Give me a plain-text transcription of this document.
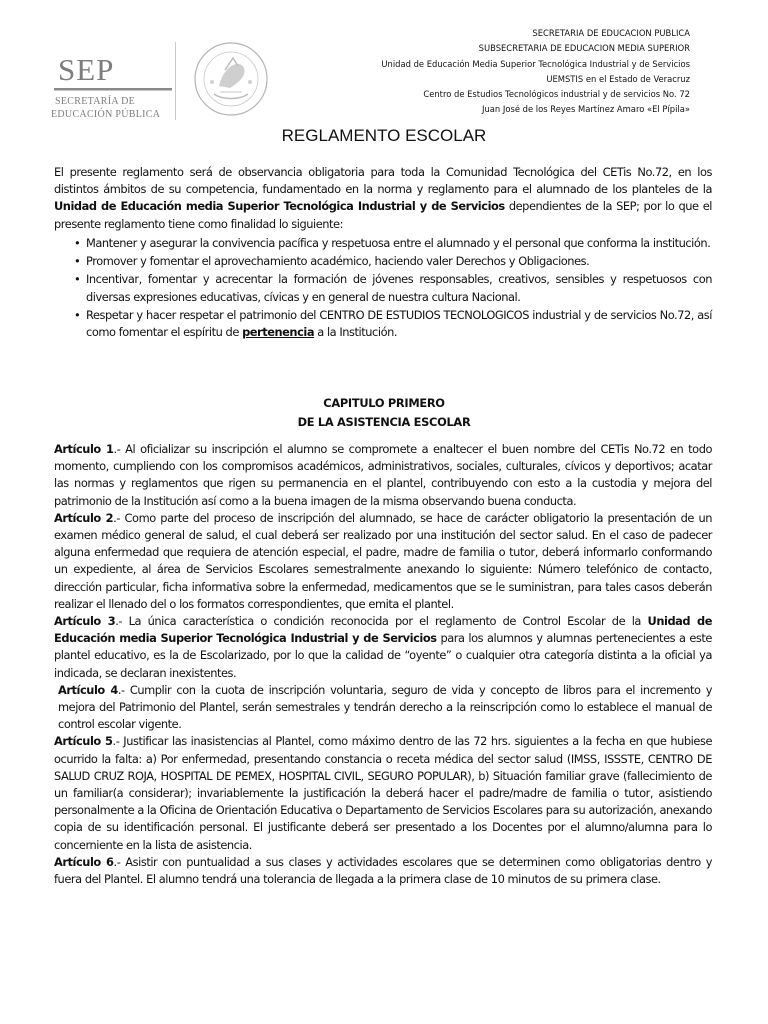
SEP
SECRETARÍA DE
EDUCACIÓN PÚBLICA
SECRETARIA DE EDUCACION PUBLICA
SUBSECRETARIA DE EDUCACION MEDIA SUPERIOR
Unidad de Educación Media Superior Tecnológica Industrial y de Servicios
UEMSTIS en el Estado de Veracruz
Centro de Estudios Tecnológicos industrial y de servicios No. 72
Juan José de los Reyes Martínez Amaro «El Pípila»
REGLAMENTO ESCOLAR
El presente reglamento será de observancia obligatoria para toda la Comunidad Tecnológica del CETis No.72, en los distintos ámbitos de su competencia, fundamentado en la norma y reglamento para el alumnado de los planteles de la Unidad de Educación media Superior Tecnológica Industrial y de Servicios dependientes de la SEP; por lo que el presente reglamento tiene como finalidad lo siguiente:
• Mantener y asegurar la convivencia pacífica y respetuosa entre el alumnado y el personal que conforma la institución.
• Promover y fomentar el aprovechamiento académico, haciendo valer Derechos y Obligaciones.
• Incentivar, fomentar y acrecentar la formación de jóvenes responsables, creativos, sensibles y respetuosos con diversas expresiones educativas, cívicas y en general de nuestra cultura Nacional.
• Respetar y hacer respetar el patrimonio del CENTRO DE ESTUDIOS TECNOLOGICOS industrial y de servicios No.72, así como fomentar el espíritu de pertenencia a la Institución.
CAPITULO PRIMERO
DE LA ASISTENCIA ESCOLAR

Artículo 1.- Al oficializar su inscripción el alumno se compromete a enaltecer el buen nombre del CETis No.72 en todo momento, cumpliendo con los compromisos académicos, administrativos, sociales, culturales, cívicos y deportivos; acatar las normas y reglamentos que rigen su permanencia en el plantel, contribuyendo con esto a la custodia y mejora del patrimonio de la Institución así como a la buena imagen de la misma observando buena conducta.

Artículo 2.- Como parte del proceso de inscripción del alumnado, se hace de carácter obligatorio la presentación de un examen médico general de salud, el cual deberá ser realizado por una institución del sector salud. En el caso de padecer alguna enfermedad que requiera de atención especial, el padre, madre de familia o tutor, deberá informarlo conformando un expediente, al área de Servicios Escolares semestralmente anexando lo siguiente: Número telefónico de contacto, dirección particular, ficha informativa sobre la enfermedad, medicamentos que se le suministran, para tales casos deberán realizar el llenado del o los formatos correspondientes, que emita el plantel.

Artículo 3.- La única característica o condición reconocida por el reglamento de Control Escolar de la Unidad de Educación media Superior Tecnológica Industrial y de Servicios para los alumnos y alumnas pertenecientes a este plantel educativo, es la de Escolarizado, por lo que la calidad de “oyente” o cualquier otra categoría distinta a la oficial ya indicada, se declaran inexistentes.

Artículo 4.- Cumplir con la cuota de inscripción voluntaria, seguro de vida y concepto de libros para el incremento y mejora del Patrimonio del Plantel, serán semestrales y tendrán derecho a la reinscripción como lo establece el manual de control escolar vigente.

Artículo 5.- Justificar las inasistencias al Plantel, como máximo dentro de las 72 hrs. siguientes a la fecha en que hubiese ocurrido la falta: a) Por enfermedad, presentando constancia o receta médica del sector salud (IMSS, ISSSTE, CENTRO DE SALUD CRUZ ROJA, HOSPITAL DE PEMEX, HOSPITAL CIVIL, SEGURO POPULAR), b) Situación familiar grave (fallecimiento de un familiar(a considerar); invariablemente la justificación la deberá hacer el padre/madre de familia o tutor, asistiendo personalmente a la Oficina de Orientación Educativa o Departamento de Servicios Escolares para su autorización, anexando copia de su identificación personal. El justificante deberá ser presentado a los Docentes por el alumno/alumna para lo concerniente en la lista de asistencia.

Artículo 6.- Asistir con puntualidad a sus clases y actividades escolares que se determinen como obligatorias dentro y fuera del Plantel. El alumno tendrá una tolerancia de llegada a la primera clase de 10 minutos de su primera clase.
